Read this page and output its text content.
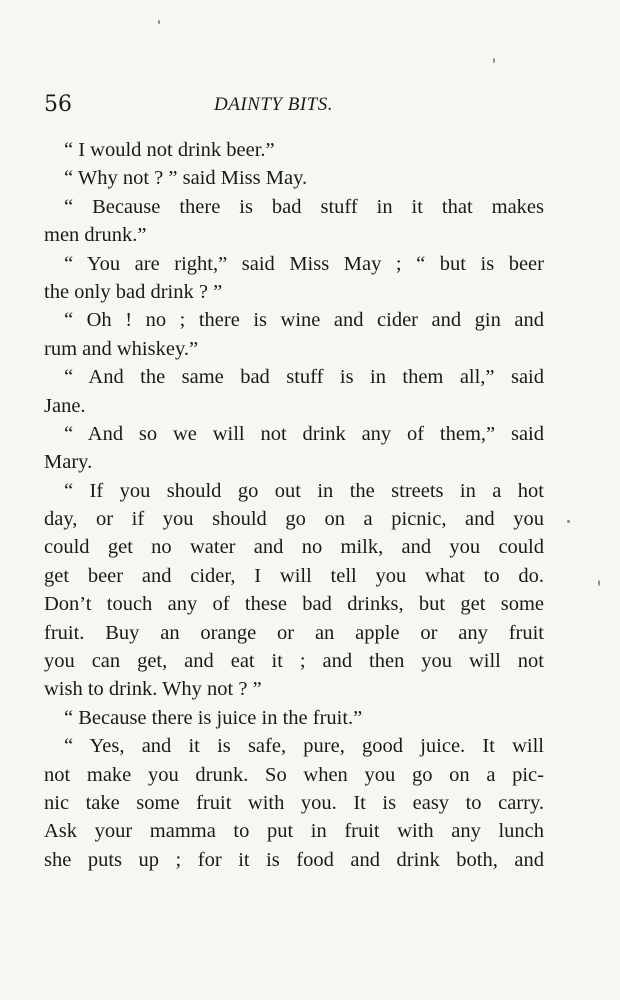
56	DAINTY BITS.
“ I would not drink beer.”
“ Why not ? ” said Miss May.
“ Because there is bad stuff in it that makes
men drunk.”
“ You are right,” said Miss May ; “ but is beer
the only bad drink ? ”
“ Oh ! no ; there is wine and cider and gin and
rum and whiskey.”
“ And the same bad stuff is in them all,” said
Jane.
“ And so we will not drink any of them,” said
Mary.
“ If you should go out in the streets in a hot
day, or if you should go on a picnic, and you
could get no water and no milk, and you could
get beer and cider, I will tell you what to do.
Don’t touch any of these bad drinks, but get some
fruit. Buy an orange or an apple or any fruit
you can get, and eat it ; and then you will not
wish to drink. Why not ? ”
“ Because there is juice in the fruit.”
“ Yes, and it is safe, pure, good juice. It will
not make you drunk. So when you go on a pic-
nic take some fruit with you. It is easy to carry.
Ask your mamma to put in fruit with any lunch
she puts up ; for it is food and drink both, and
